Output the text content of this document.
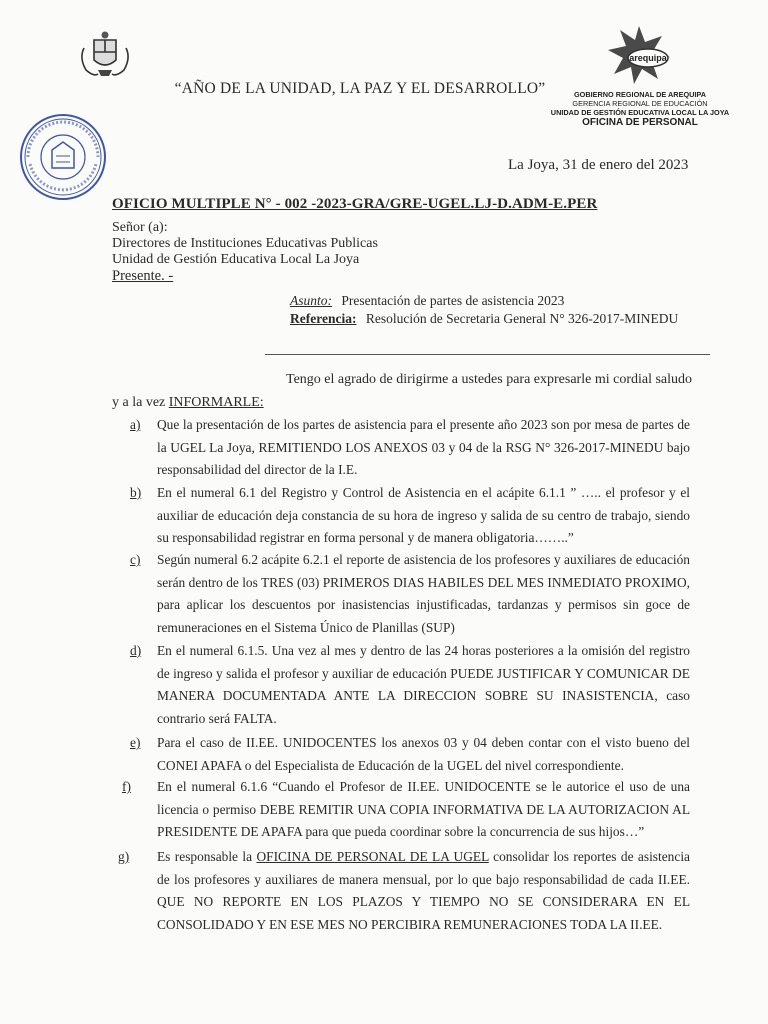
“AÑO DE LA UNIDAD, LA PAZ Y EL DESARROLLO”
arequipa
GOBIERNO REGIONAL DE AREQUIPA
GERENCIA REGIONAL DE EDUCACIÓN
UNIDAD DE GESTIÓN EDUCATIVA LOCAL LA JOYA
OFICINA DE PERSONAL
La Joya, 31 de enero del 2023
OFICIO MULTIPLE N° - 002 -2023-GRA/GRE-UGEL.LJ-D.ADM-E.PER
Señor (a):
Directores de Instituciones Educativas Publicas
Unidad de Gestión Educativa Local La Joya
Presente. -
Asunto: Presentación de partes de asistencia 2023
Referencia: Resolución de Secretaria General N° 326-2017-MINEDU
Tengo el agrado de dirigirme a ustedes para expresarle mi cordial saludo
y a la vez INFORMARLE:
a)	Que la presentación de los partes de asistencia para el presente año 2023 son por mesa de partes de la UGEL La Joya, REMITIENDO LOS ANEXOS 03 y 04 de la RSG N° 326-2017-MINEDU bajo responsabilidad del director de la I.E.
b)	En el numeral 6.1 del Registro y Control de Asistencia en el acápite 6.1.1 ” ….. el profesor y el auxiliar de educación deja constancia de su hora de ingreso y salida de su centro de trabajo, siendo su responsabilidad registrar en forma personal y de manera obligatoria……..”
c)	Según numeral 6.2 acápite 6.2.1 el reporte de asistencia de los profesores y auxiliares de educación serán dentro de los TRES (03) PRIMEROS DIAS HABILES DEL MES INMEDIATO PROXIMO, para aplicar los descuentos por inasistencias injustificadas, tardanzas y permisos sin goce de remuneraciones en el Sistema Único de Planillas (SUP)
d)	En el numeral 6.1.5. Una vez al mes y dentro de las 24 horas posteriores a la omisión del registro de ingreso y salida el profesor y auxiliar de educación PUEDE JUSTIFICAR Y COMUNICAR DE MANERA DOCUMENTADA ANTE LA DIRECCION SOBRE SU INASISTENCIA, caso contrario será FALTA.
e)	Para el caso de II.EE. UNIDOCENTES los anexos 03 y 04 deben contar con el visto bueno del CONEI APAFA o del Especialista de Educación de la UGEL del nivel correspondiente.
f)	En el numeral 6.1.6 “Cuando el Profesor de II.EE. UNIDOCENTE se le autorice el uso de una licencia o permiso DEBE REMITIR UNA COPIA INFORMATIVA DE LA AUTORIZACION AL PRESIDENTE DE APAFA para que pueda coordinar sobre la concurrencia de sus hijos…”
g)	Es responsable la OFICINA DE PERSONAL DE LA UGEL consolidar los reportes de asistencia de los profesores y auxiliares de manera mensual, por lo que bajo responsabilidad de cada II.EE. QUE NO REPORTE EN LOS PLAZOS Y TIEMPO NO SE CONSIDERARA EN EL CONSOLIDADO Y EN ESE MES NO PERCIBIRA REMUNERACIONES TODA LA II.EE.
